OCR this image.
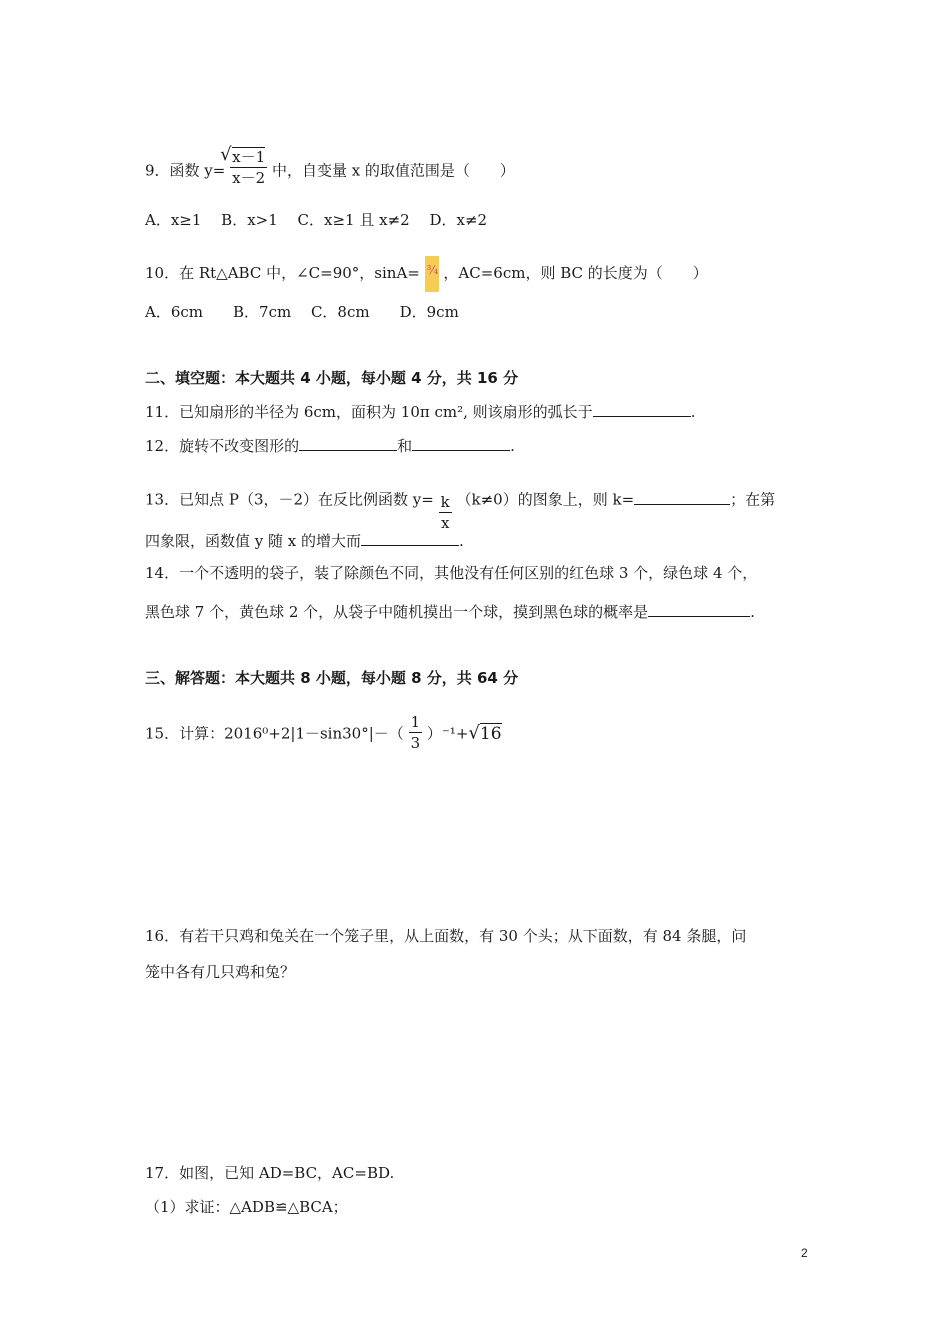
9．函数 $y= \frac{√ x-1}{x-2}$ 中，自变量 x 的取值范围是（　　）
A．x≥1　 B．x>1　 C．x≥1 且 x≠2　 D．x≠2
10．在 Rt△ABC 中，∠C=90°，sinA= ¾ ，AC=6cm，则 BC 的长度为（　　）
A．6cm　　B．7cm　 C．8cm　　D．9cm
二、填空题：本大题共 4 小题，每小题 4 分，共 16 分
11．已知扇形的半径为 6cm，面积为 10π cm², 则该扇形的弧长于	.
12．旋转不改变图形的	和	.
13．已知点 P（3，－2）在反比例函数 $y= \frac{k}{x} (k\ne 0)$的图象上，则 k=	；在第
四象限，函数值 y 随 x 的增大而	.
14．一个不透明的袋子，装了除颜色不同，其他没有任何区别的红色球 3 个，绿色球 4 个，
黑色球 7 个，黄色球 2 个，从袋子中随机摸出一个球，摸到黑色球的概率是	.
三、解答题：本大题共 8 小题，每小题 8 分，共 64 分
15．计算：$2016^0+2|1-\sin 30^\circ|-( \frac{1}{3} )^{-1}+√16$
16．有若干只鸡和兔关在一个笼子里，从上面数，有 30 个头；从下面数，有 84 条腿，问
笼中各有几只鸡和兔？
17．如图，已知 AD=BC，AC=BD.
（1）求证：△ADB≌△BCA；
2
